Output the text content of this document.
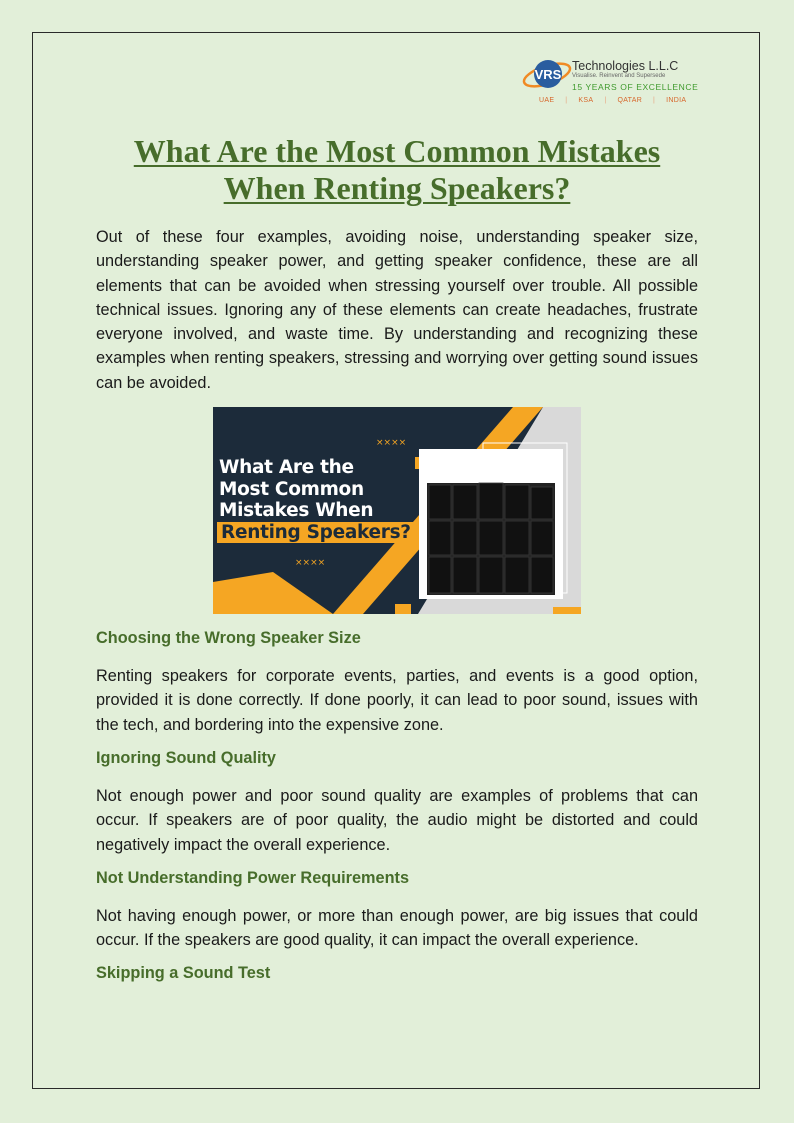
VRS
Technologies L.L.C
Visualise. Reinvent and Supersede
15 YEARS OF EXCELLENCE
UAE | KSA | QATAR | INDIA
What Are the Most Common Mistakes
When Renting Speakers?

Out of these four examples, avoiding noise, understanding speaker size, understanding speaker power, and getting speaker confidence, these are all elements that can be avoided when stressing yourself over trouble. All possible technical issues. Ignoring any of these elements can create headaches, frustrate everyone involved, and waste time. By understanding and recognizing these examples when renting speakers, stressing and worrying over getting sound issues can be avoided.

××××
××××
What Are the
Most Common
Mistakes When
Renting Speakers?
Choosing the Wrong Speaker Size

Renting speakers for corporate events, parties, and events is a good option, provided it is done correctly. If done poorly, it can lead to poor sound, issues with the tech, and bordering into the expensive zone.

Ignoring Sound Quality

Not enough power and poor sound quality are examples of problems that can occur. If speakers are of poor quality, the audio might be distorted and could negatively impact the overall experience.

Not Understanding Power Requirements

Not having enough power, or more than enough power, are big issues that could occur. If the speakers are good quality, it can impact the overall experience.

Skipping a Sound Test
